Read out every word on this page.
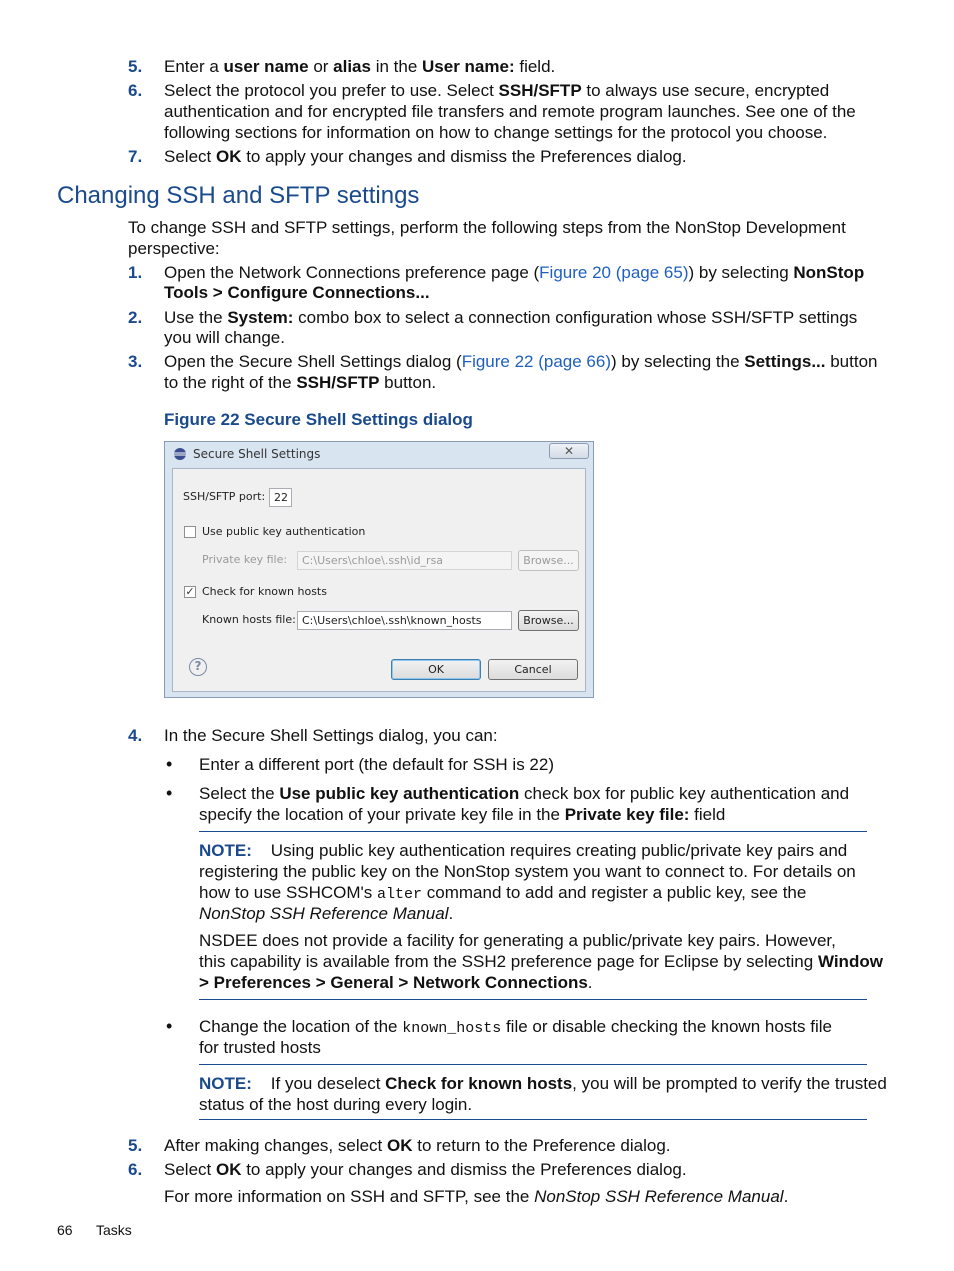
5. Enter a user name or alias in the User name: field.
6. Select the protocol you prefer to use. Select SSH/SFTP to always use secure, encrypted
authentication and for encrypted file transfers and remote program launches. See one of the
following sections for information on how to change settings for the protocol you choose.
7. Select OK to apply your changes and dismiss the Preferences dialog.
Changing SSH and SFTP settings
To change SSH and SFTP settings, perform the following steps from the NonStop Development
perspective:
1. Open the Network Connections preference page (Figure 20 (page 65)) by selecting NonStop
Tools > Configure Connections...
2. Use the System: combo box to select a connection configuration whose SSH/SFTP settings
you will change.
3. Open the Secure Shell Settings dialog (Figure 22 (page 66)) by selecting the Settings... button
to the right of the SSH/SFTP button.
Figure 22 Secure Shell Settings dialog
Secure Shell Settings	✕
SSH/SFTP port: 22
Use public key authentication
Private key file:	C:\Users\chloe\.ssh\id_rsa	Browse...
✓ Check for known hosts
Known hosts file: C:\Users\chloe\.ssh\known_hosts	Browse...
?	OK	Cancel
4. In the Secure Shell Settings dialog, you can:
• Enter a different port (the default for SSH is 22)
• Select the Use public key authentication check box for public key authentication and
specify the location of your private key file in the Private key file: field
NOTE: Using public key authentication requires creating public/private key pairs and
registering the public key on the NonStop system you want to connect to. For details on
how to use SSHCOM's alter command to add and register a public key, see the
NonStop SSH Reference Manual.
NSDEE does not provide a facility for generating a public/private key pairs. However,
this capability is available from the SSH2 preference page for Eclipse by selecting Window
> Preferences > General > Network Connections.
• Change the location of the known_hosts file or disable checking the known hosts file
for trusted hosts
NOTE: If you deselect Check for known hosts, you will be prompted to verify the trusted
status of the host during every login.
5. After making changes, select OK to return to the Preference dialog.
6. Select OK to apply your changes and dismiss the Preferences dialog.
For more information on SSH and SFTP, see the NonStop SSH Reference Manual.
66 Tasks
